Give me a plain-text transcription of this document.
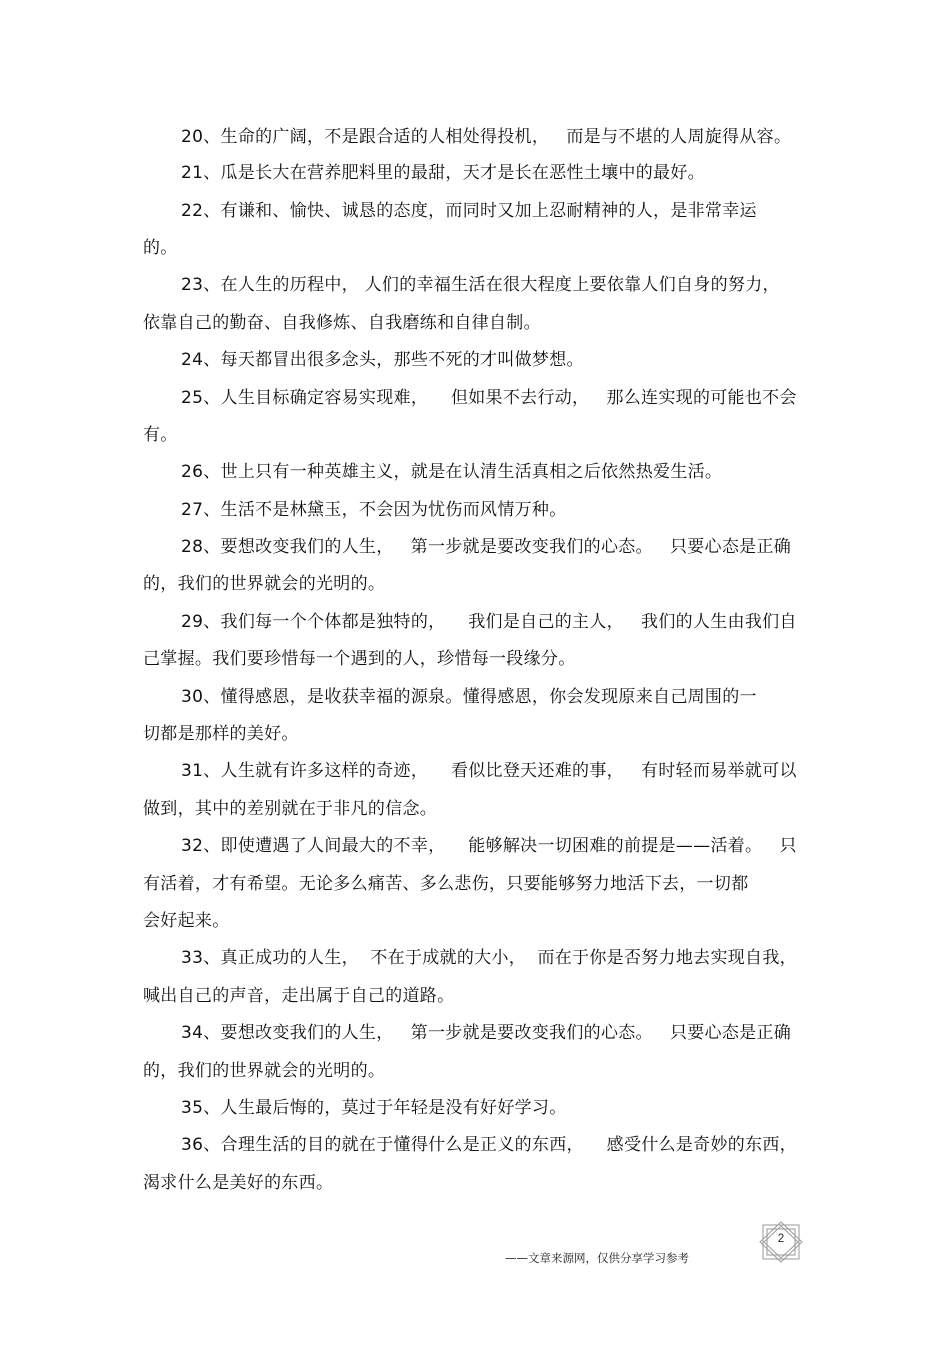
20、生命的广阔，不是跟合适的人相处得投机，   而是与不堪的人周旋得从容。
21、瓜是长大在营养肥料里的最甜，天才是长在恶性土壤中的最好。
22、有谦和、愉快、诚恳的态度，而同时又加上忍耐精神的人，是非常幸运
的。
23、在人生的历程中， 人们的幸福生活在很大程度上要依靠人们自身的努力，
依靠自己的勤奋、自我修炼、自我磨练和自律自制。
24、每天都冒出很多念头，那些不死的才叫做梦想。
25、人生目标确定容易实现难，    但如果不去行动，   那么连实现的可能也不会
有。
26、世上只有一种英雄主义，就是在认清生活真相之后依然热爱生活。
27、生活不是林黛玉，不会因为忧伤而风情万种。
28、要想改变我们的人生，   第一步就是要改变我们的心态。   只要心态是正确
的，我们的世界就会的光明的。
29、我们每一个个体都是独特的，    我们是自己的主人，   我们的人生由我们自
己掌握。我们要珍惜每一个遇到的人，珍惜每一段缘分。
30、懂得感恩，是收获幸福的源泉。懂得感恩，你会发现原来自己周围的一
切都是那样的美好。
31、人生就有许多这样的奇迹，    看似比登天还难的事，   有时轻而易举就可以
做到，其中的差别就在于非凡的信念。
32、即使遭遇了人间最大的不幸，    能够解决一切困难的前提是——活着。   只
有活着，才有希望。无论多么痛苦、多么悲伤，只要能够努力地活下去，一切都
会好起来。
33、真正成功的人生，  不在于成就的大小，  而在于你是否努力地去实现自我，
喊出自己的声音，走出属于自己的道路。
34、要想改变我们的人生，   第一步就是要改变我们的心态。   只要心态是正确
的，我们的世界就会的光明的。
35、人生最后悔的，莫过于年轻是没有好好学习。
36、合理生活的目的就在于懂得什么是正义的东西，    感受什么是奇妙的东西，
渴求什么是美好的东西。
——文章来源网，仅供分享学习参考
2
